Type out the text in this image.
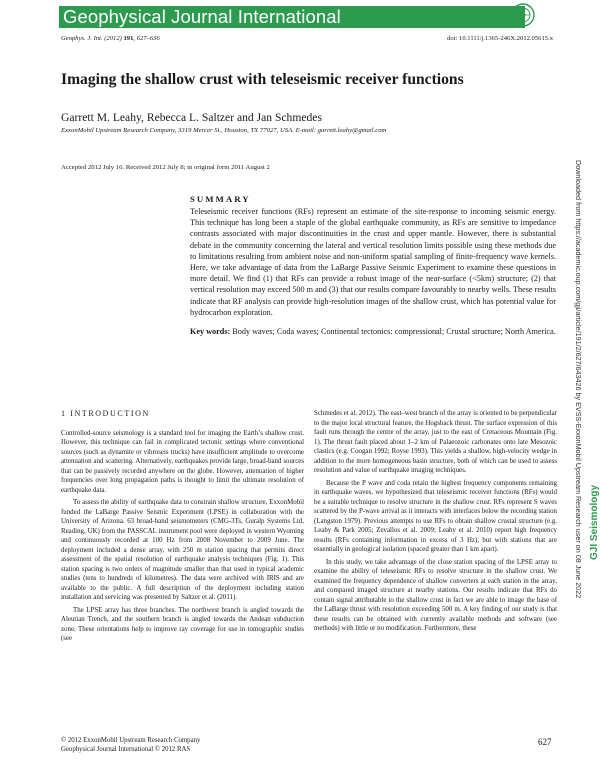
Geophysical Journal International
Geophys. J. Int. (2012) 191, 627–636	doi: 10.1111/j.1365-246X.2012.05615.x
Imaging the shallow crust with teleseismic receiver functions
Garrett M. Leahy, Rebecca L. Saltzer and Jan Schmedes
ExxonMobil Upstream Research Company, 3319 Mercer St., Houston, TX 77027, USA. E-mail: garrett.leahy@gmail.com
Accepted 2012 July 16. Received 2012 July 8; in original form 2011 August 2
SUMMARY

Teleseismic receiver functions (RFs) represent an estimate of the site-response to incoming seismic energy. This technique has long been a staple of the global earthquake community, as RFs are sensitive to impedance contrasts associated with major discontinuities in the crust and upper mantle. However, there is substantial debate in the community concerning the lateral and vertical resolution limits possible using these methods due to limitations resulting from ambient noise and non-uniform spatial sampling of finite-frequency wave kernels. Here, we take advantage of data from the LaBarge Passive Seismic Experiment to examine these questions in more detail. We find (1) that RFs can provide a robust image of the near-surface (<5km) structure; (2) that vertical resolution may exceed 500 m and (3) that our results compare favourably to nearby wells. These results indicate that RF analysis can provide high-resolution images of the shallow crust, which has potential value for hydrocarbon exploration.

Key words: Body waves; Coda waves; Continental tectonics: compressional; Crustal structure; North America.
1 INTRODUCTION

Controlled-source seismology is a standard tool for imaging the Earth’s shallow crust. However, this technique can fail in complicated tectonic settings where conventional sources (such as dynamite or vibroseis trucks) have insufficient amplitude to overcome attenuation and scattering. Alternatively, earthquakes provide large, broad-band sources that can be passively recorded anywhere on the globe. However, attenuation of higher frequencies over long propagation paths is thought to limit the ultimate resolution of earthquake data.

To assess the ability of earthquake data to constrain shallow structure, ExxonMobil funded the LaBarge Passive Seismic Experiment (LPSE) in collaboration with the University of Arizona. 63 broad-band seismometers (CMG-3Ts, Guralp Systems Ltd, Reading, UK) from the PASSCAL instrument pool were deployed in western Wyoming and continuously recorded at 100 Hz from 2008 November to 2009 June. The deployment included a dense array, with 250 m station spacing that permits direct assessment of the spatial resolution of earthquake analysis techniques (Fig. 1). This station spacing is two orders of magnitude smaller than that used in typical academic studies (tens to hundreds of kilometres). The data were archived with IRIS and are available to the public. A full description of the deployment including station installation and servicing was presented by Saltzer et al. (2011).

The LPSE array has three branches. The northwest branch is angled towards the Aleutian Trench, and the southern branch is angled towards the Andean subduction zone. These orientations help to improve ray coverage for use in tomographic studies (see

Schmedes et al. 2012). The east–west branch of the array is oriented to be perpendicular to the major local structural feature, the Hogsback thrust. The surface expression of this fault runs through the centre of the array, just to the east of Cretaceous Mountain (Fig. 1). The thrust fault placed about 1–2 km of Palaeozoic carbonates onto late Mesozoic clastics (e.g. Coogan 1992; Royse 1993). This yields a shallow, high-velocity wedge in addition to the more homogeneous basin structure, both of which can be used to assess resolution and value of earthquake imaging techniques.

Because the P wave and coda retain the highest frequency components remaining in earthquake waves, we hypothesized that teleseismic receiver functions (RFs) would be a suitable technique to resolve structure in the shallow crust. RFs represent S waves scattered by the P-wave arrival as it interacts with interfaces below the recording station (Langston 1979). Previous attempts to use RFs to obtain shallow crustal structure (e.g. Leahy & Park 2005; Zevallos et al. 2009; Leahy et al. 2010) report high frequency results (RFs containing information in excess of 3 Hz), but with stations that are essentially in geological isolation (spaced greater than 1 km apart).

In this study, we take advantage of the close station spacing of the LPSE array to examine the ability of teleseismic RFs to resolve structure in the shallow crust. We examined the frequency dependence of shallow converters at each station in the array, and compared imaged structure at nearby stations. Our results indicate that RFs do contain signal attributable to the shallow crust in fact we are able to image the base of the LaBarge thrust with resolution exceeding 500 m. A key finding of our study is that these results can be obtained with currently available methods and software (see methods) with little or no modification. Furthermore, these

© 2012 ExxonMobil Upstream Research Company
Geophysical Journal International © 2012 RAS
627
Downloaded from https://academic.oup.com/gji/article/191/2/627/643426 by EVSS-ExxonMobil Upstream Research user on 08 June 2022 GJI Seismology
